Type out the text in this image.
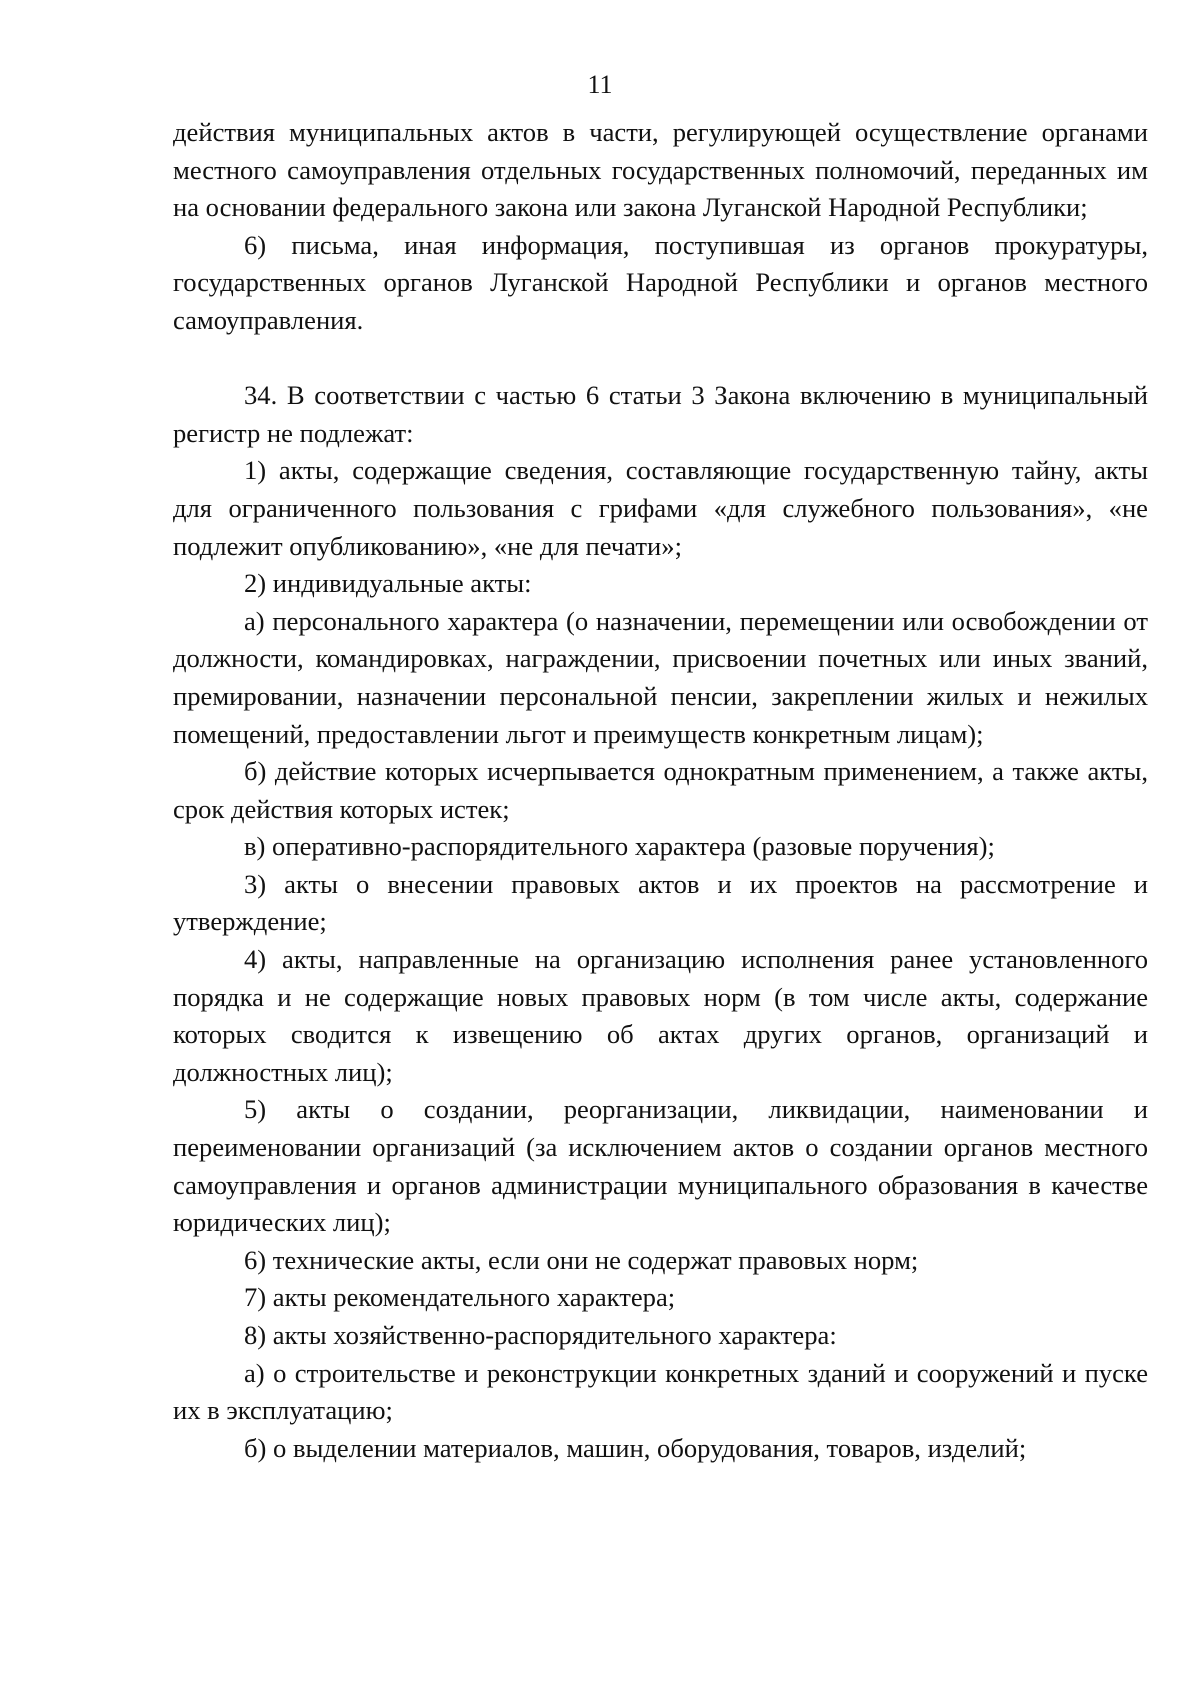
11

действия муниципальных актов в части, регулирующей осуществление органами местного самоуправления отдельных государственных полномочий, переданных им на основании федерального закона или закона Луганской Народной Республики;

6) письма, иная информация, поступившая из органов прокуратуры, государственных органов Луганской Народной Республики и органов местного самоуправления.

34. В соответствии с частью 6 статьи 3 Закона включению в муниципальный регистр не подлежат:

1) акты, содержащие сведения, составляющие государственную тайну, акты для ограниченного пользования с грифами «для служебного пользования», «не подлежит опубликованию», «не для печати»;

2) индивидуальные акты:

а) персонального характера (о назначении, перемещении или освобождении от должности, командировках, награждении, присвоении почетных или иных званий, премировании, назначении персональной пенсии, закреплении жилых и нежилых помещений, предоставлении льгот и преимуществ конкретным лицам);

б) действие которых исчерпывается однократным применением, а также акты, срок действия которых истек;

в) оперативно-распорядительного характера (разовые поручения);

3) акты о внесении правовых актов и их проектов на рассмотрение и утверждение;

4) акты, направленные на организацию исполнения ранее установленного порядка и не содержащие новых правовых норм (в том числе акты, содержание которых сводится к извещению об актах других органов, организаций и должностных лиц);

5) акты о создании, реорганизации, ликвидации, наименовании и переименовании организаций (за исключением актов о создании органов местного самоуправления и органов администрации муниципального образования в качестве юридических лиц);

6) технические акты, если они не содержат правовых норм;

7) акты рекомендательного характера;

8) акты хозяйственно-распорядительного характера:

а) о строительстве и реконструкции конкретных зданий и сооружений и пуске их в эксплуатацию;

б) о выделении материалов, машин, оборудования, товаров, изделий;
